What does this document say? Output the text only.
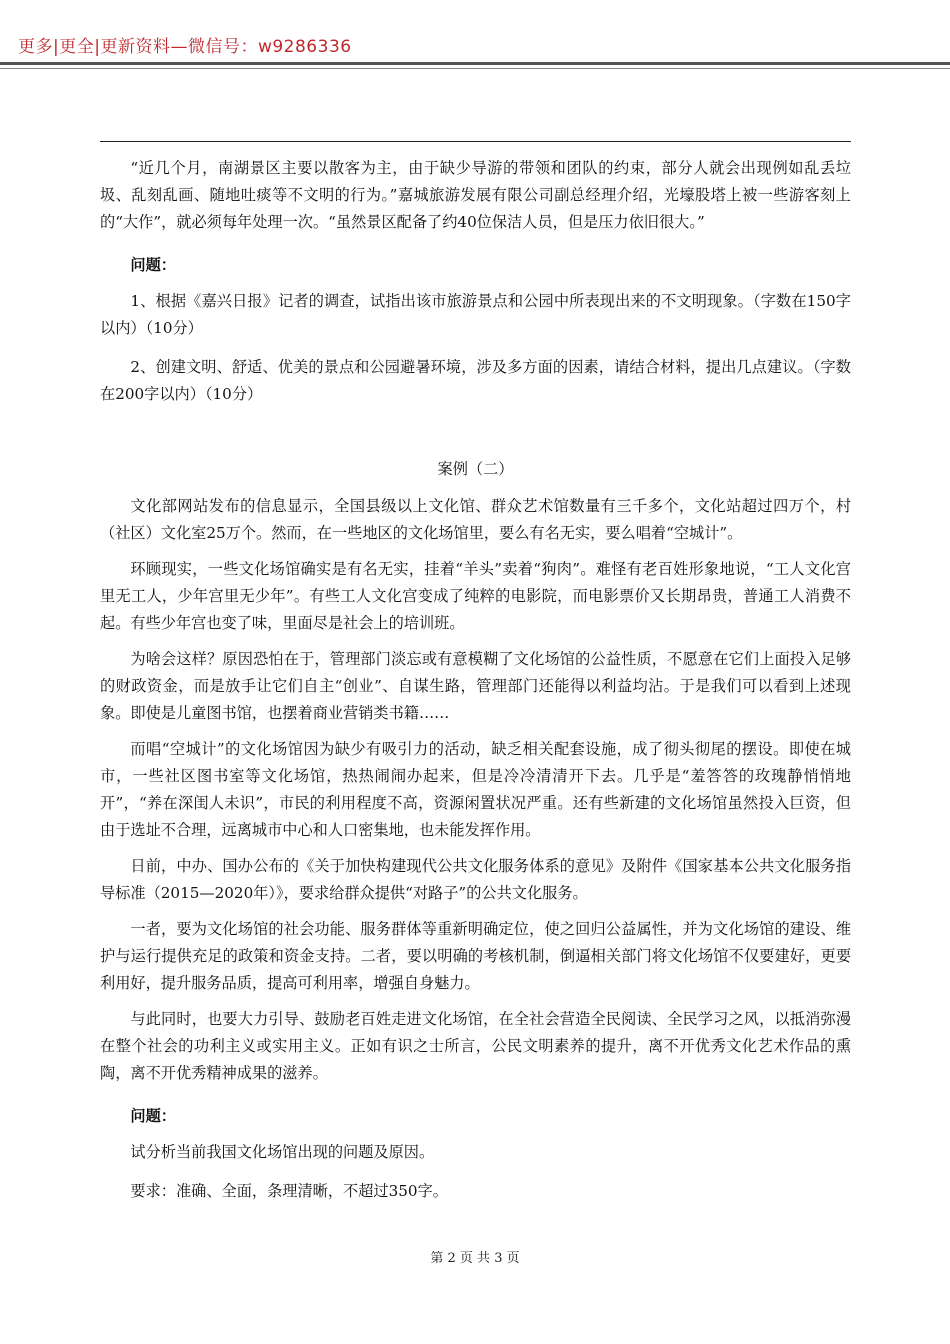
更多|更全|更新资料—微信号：w9286336

“近几个月，南湖景区主要以散客为主，由于缺少导游的带领和团队的约束，部分人就会出现例如乱丢垃圾、乱刻乱画、随地吐痰等不文明的行为。”嘉城旅游发展有限公司副总经理介绍，光壕股塔上被一些游客刻上的“大作”，就必须每年处理一次。“虽然景区配备了约40位保洁人员，但是压力依旧很大。”

问题：

1、根据《嘉兴日报》记者的调查，试指出该市旅游景点和公园中所表现出来的不文明现象。（字数在150字以内）（10分）

2、创建文明、舒适、优美的景点和公园避暑环境，涉及多方面的因素，请结合材料，提出几点建议。（字数在200字以内）（10分）

案例（二）

文化部网站发布的信息显示，全国县级以上文化馆、群众艺术馆数量有三千多个，文化站超过四万个，村（社区）文化室25万个。然而，在一些地区的文化场馆里，要么有名无实，要么唱着“空城计”。

环顾现实，一些文化场馆确实是有名无实，挂着“羊头”卖着“狗肉”。难怪有老百姓形象地说，“工人文化宫里无工人，少年宫里无少年”。有些工人文化宫变成了纯粹的电影院，而电影票价又长期昂贵，普通工人消费不起。有些少年宫也变了味，里面尽是社会上的培训班。

为啥会这样？原因恐怕在于，管理部门淡忘或有意模糊了文化场馆的公益性质，不愿意在它们上面投入足够的财政资金，而是放手让它们自主“创业”、自谋生路，管理部门还能得以利益均沾。于是我们可以看到上述现象。即使是儿童图书馆，也摆着商业营销类书籍……

而唱“空城计”的文化场馆因为缺少有吸引力的活动，缺乏相关配套设施，成了彻头彻尾的摆设。即使在城市，一些社区图书室等文化场馆，热热闹闹办起来，但是冷冷清清开下去。几乎是“羞答答的玫瑰静悄悄地开”，“养在深闺人未识”，市民的利用程度不高，资源闲置状况严重。还有些新建的文化场馆虽然投入巨资，但由于选址不合理，远离城市中心和人口密集地，也未能发挥作用。

日前，中办、国办公布的《关于加快构建现代公共文化服务体系的意见》及附件《国家基本公共文化服务指导标准（2015—2020年）》，要求给群众提供“对路子”的公共文化服务。

一者，要为文化场馆的社会功能、服务群体等重新明确定位，使之回归公益属性，并为文化场馆的建设、维护与运行提供充足的政策和资金支持。二者，要以明确的考核机制，倒逼相关部门将文化场馆不仅要建好，更要利用好，提升服务品质，提高可利用率，增强自身魅力。

与此同时，也要大力引导、鼓励老百姓走进文化场馆，在全社会营造全民阅读、全民学习之风，以抵消弥漫在整个社会的功利主义或实用主义。正如有识之士所言，公民文明素养的提升，离不开优秀文化艺术作品的熏陶，离不开优秀精神成果的滋养。

问题：

试分析当前我国文化场馆出现的问题及原因。

要求：准确、全面，条理清晰，不超过350字。

第 2 页 共 3 页
